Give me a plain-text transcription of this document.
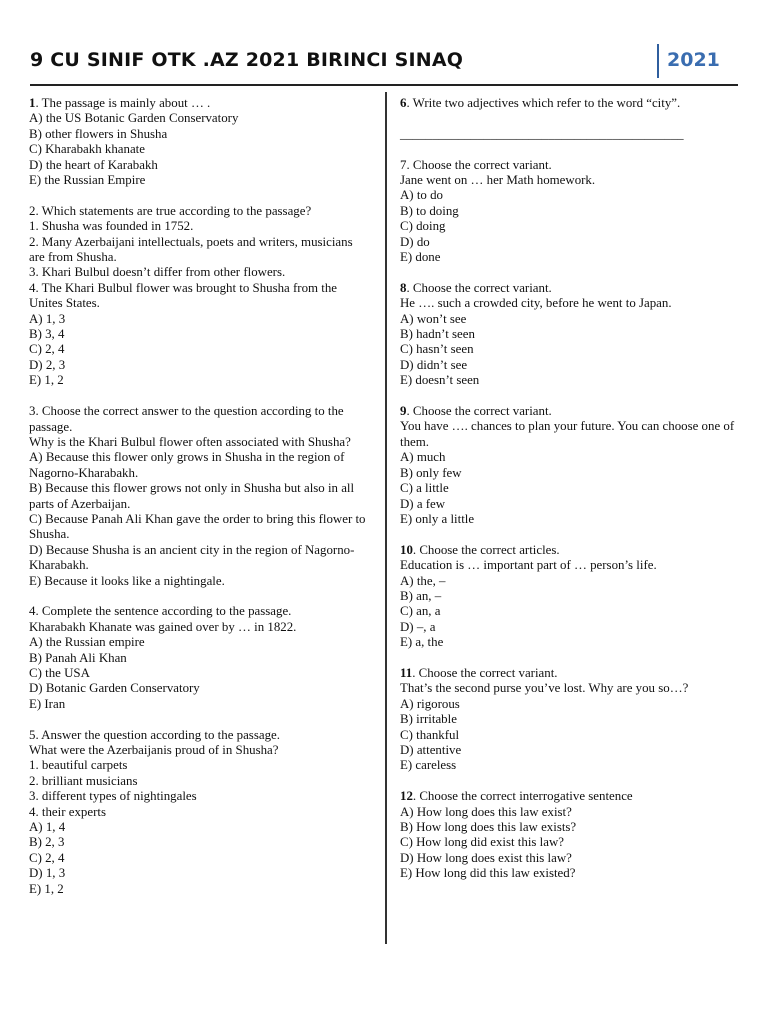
9 CU SINIF OTK .AZ 2021 BIRINCI SINAQ	2021
1. The passage is mainly about … .
A) the US Botanic Garden Conservatory
B) other flowers in Shusha
C) Kharabakh khanate
D) the heart of Karabakh
E) the Russian Empire
2. Which statements are true according to the passage?
1. Shusha was founded in 1752.
2. Many Azerbaijani intellectuals, poets and writers, musicians are from Shusha.
3. Khari Bulbul doesn’t differ from other flowers.
4. The Khari Bulbul flower was brought to Shusha from the Unites States.
A) 1, 3
B) 3, 4
C) 2, 4
D) 2, 3
E) 1, 2
3. Choose the correct answer to the question according to the passage.
Why is the Khari Bulbul flower often associated with Shusha?
A) Because this flower only grows in Shusha in the region of Nagorno-Kharabakh.
B) Because this flower grows not only in Shusha but also in all parts of Azerbaijan.
C) Because Panah Ali Khan gave the order to bring this flower to Shusha.
D) Because Shusha is an ancient city in the region of Nagorno-Kharabakh.
E) Because it looks like a nightingale.
4. Complete the sentence according to the passage.
Kharabakh Khanate was gained over by … in 1822.
A) the Russian empire
B) Panah Ali Khan
C) the USA
D) Botanic Garden Conservatory
E) Iran
5. Answer the question according to the passage.
What were the Azerbaijanis proud of in Shusha?
1. beautiful carpets
2. brilliant musicians
3. different types of nightingales
4. their experts
A) 1, 4
B) 2, 3
C) 2, 4
D) 1, 3
E) 1, 2
6. Write two adjectives which refer to the word “city”.
____________________________________________
7. Choose the correct variant.
Jane went on … her Math homework.
A) to do
B) to doing
C) doing
D) do
E) done
8. Choose the correct variant.
He …. such a crowded city, before he went to Japan.
A) won’t see
B) hadn’t seen
C) hasn’t seen
D) didn’t see
E) doesn’t seen
9. Choose the correct variant.
You have …. chances to plan your future. You can choose one of them.
A) much
B) only few
C) a little
D) a few
E) only a little
10. Choose the correct articles.
Education is … important part of … person’s life.
A) the, –
B) an, –
C) an, a
D) –, a
E) a, the
11. Choose the correct variant.
That’s the second purse you’ve lost. Why are you so…?
A) rigorous
B) irritable
C) thankful
D) attentive
E) careless
12. Choose the correct interrogative sentence
A) How long does this law exist?
B) How long does this law exists?
C) How long did exist this law?
D) How long does exist this law?
E) How long did this law existed?
